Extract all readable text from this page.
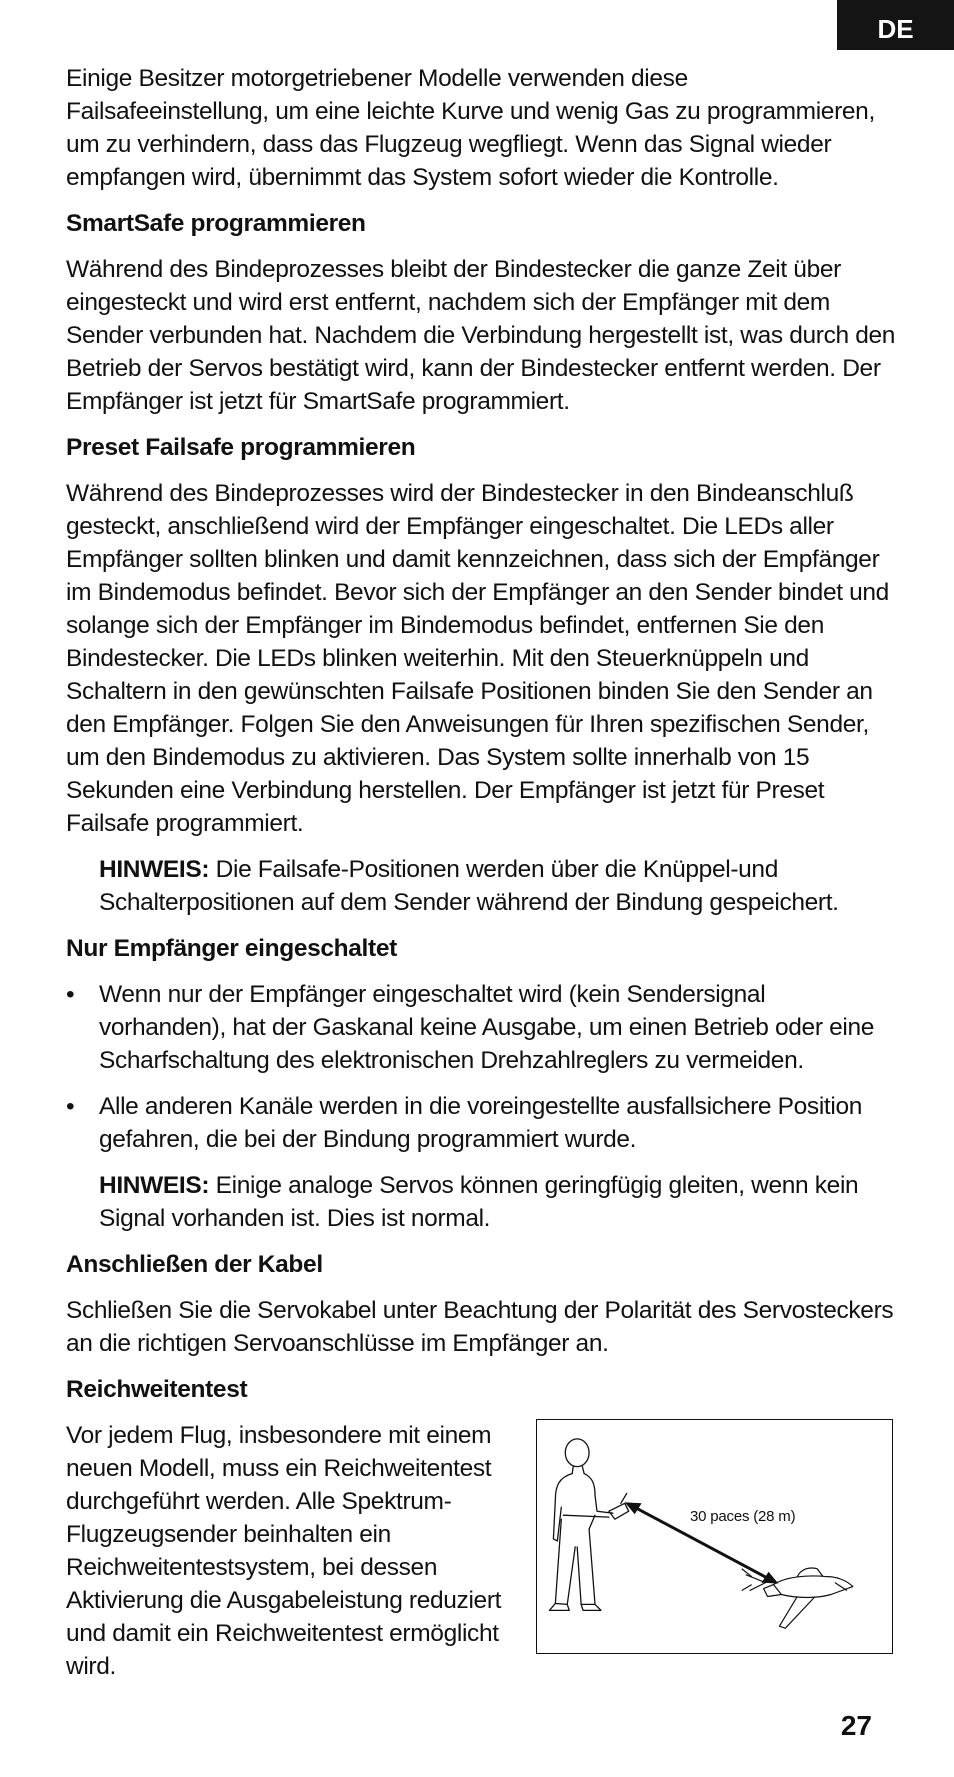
DE

Einige Besitzer motorgetriebener Modelle verwenden diese Failsafeeinstellung, um eine leichte Kurve und wenig Gas zu programmieren, um zu verhindern, dass das Flugzeug wegfliegt. Wenn das Signal wieder empfangen wird, übernimmt das System sofort wieder die Kontrolle.

SmartSafe programmieren

Während des Bindeprozesses bleibt der Bindestecker die ganze Zeit über eingesteckt und wird erst entfernt, nachdem sich der Empfänger mit dem Sender verbunden hat. Nachdem die Verbindung hergestellt ist, was durch den Betrieb der Servos bestätigt wird, kann der Bindestecker entfernt werden. Der Empfänger ist jetzt für SmartSafe programmiert.

Preset Failsafe programmieren

Während des Bindeprozesses wird der Bindestecker in den Bindeanschluß gesteckt, anschließend wird der Empfänger eingeschaltet. Die LEDs aller Empfänger sollten blinken und damit kennzeichnen, dass sich der Empfänger im Bindemodus befindet. Bevor sich der Empfänger an den Sender bindet und solange sich der Empfänger im Bindemodus befindet, entfernen Sie den Bindestecker. Die LEDs blinken weiterhin. Mit den Steuerknüppeln und Schaltern in den gewünschten Failsafe Positionen binden Sie den Sender an den Empfänger. Folgen Sie den Anweisungen für Ihren spezifischen Sender, um den Bindemodus zu aktivieren. Das System sollte innerhalb von 15 Sekunden eine Verbindung herstellen. Der Empfänger ist jetzt für Preset Failsafe programmiert.

HINWEIS: Die Failsafe-Positionen werden über die Knüppel-und Schalterpositionen auf dem Sender während der Bindung gespeichert.

Nur Empfänger eingeschaltet
• Wenn nur der Empfänger eingeschaltet wird (kein Sendersignal vorhanden), hat der Gaskanal keine Ausgabe, um einen Betrieb oder eine Scharfschaltung des elektronischen Drehzahlreglers zu vermeiden.
• Alle anderen Kanäle werden in die voreingestellte ausfallsichere Position gefahren, die bei der Bindung programmiert wurde.

HINWEIS: Einige analoge Servos können geringfügig gleiten, wenn kein Signal vorhanden ist. Dies ist normal.

Anschließen der Kabel

Schließen Sie die Servokabel unter Beachtung der Polarität des Servosteckers an die richtigen Servoanschlüsse im Empfänger an.

Reichweitentest

Vor jedem Flug, insbesondere mit einem neuen Modell, muss ein Reichweitentest durchgeführt werden. Alle Spektrum-Flugzeugsender beinhalten ein Reichweitentestsystem, bei dessen Aktivierung die Ausgabeleistung reduziert und damit ein Reichweitentest ermöglicht wird.

30 paces (28 m)
27
